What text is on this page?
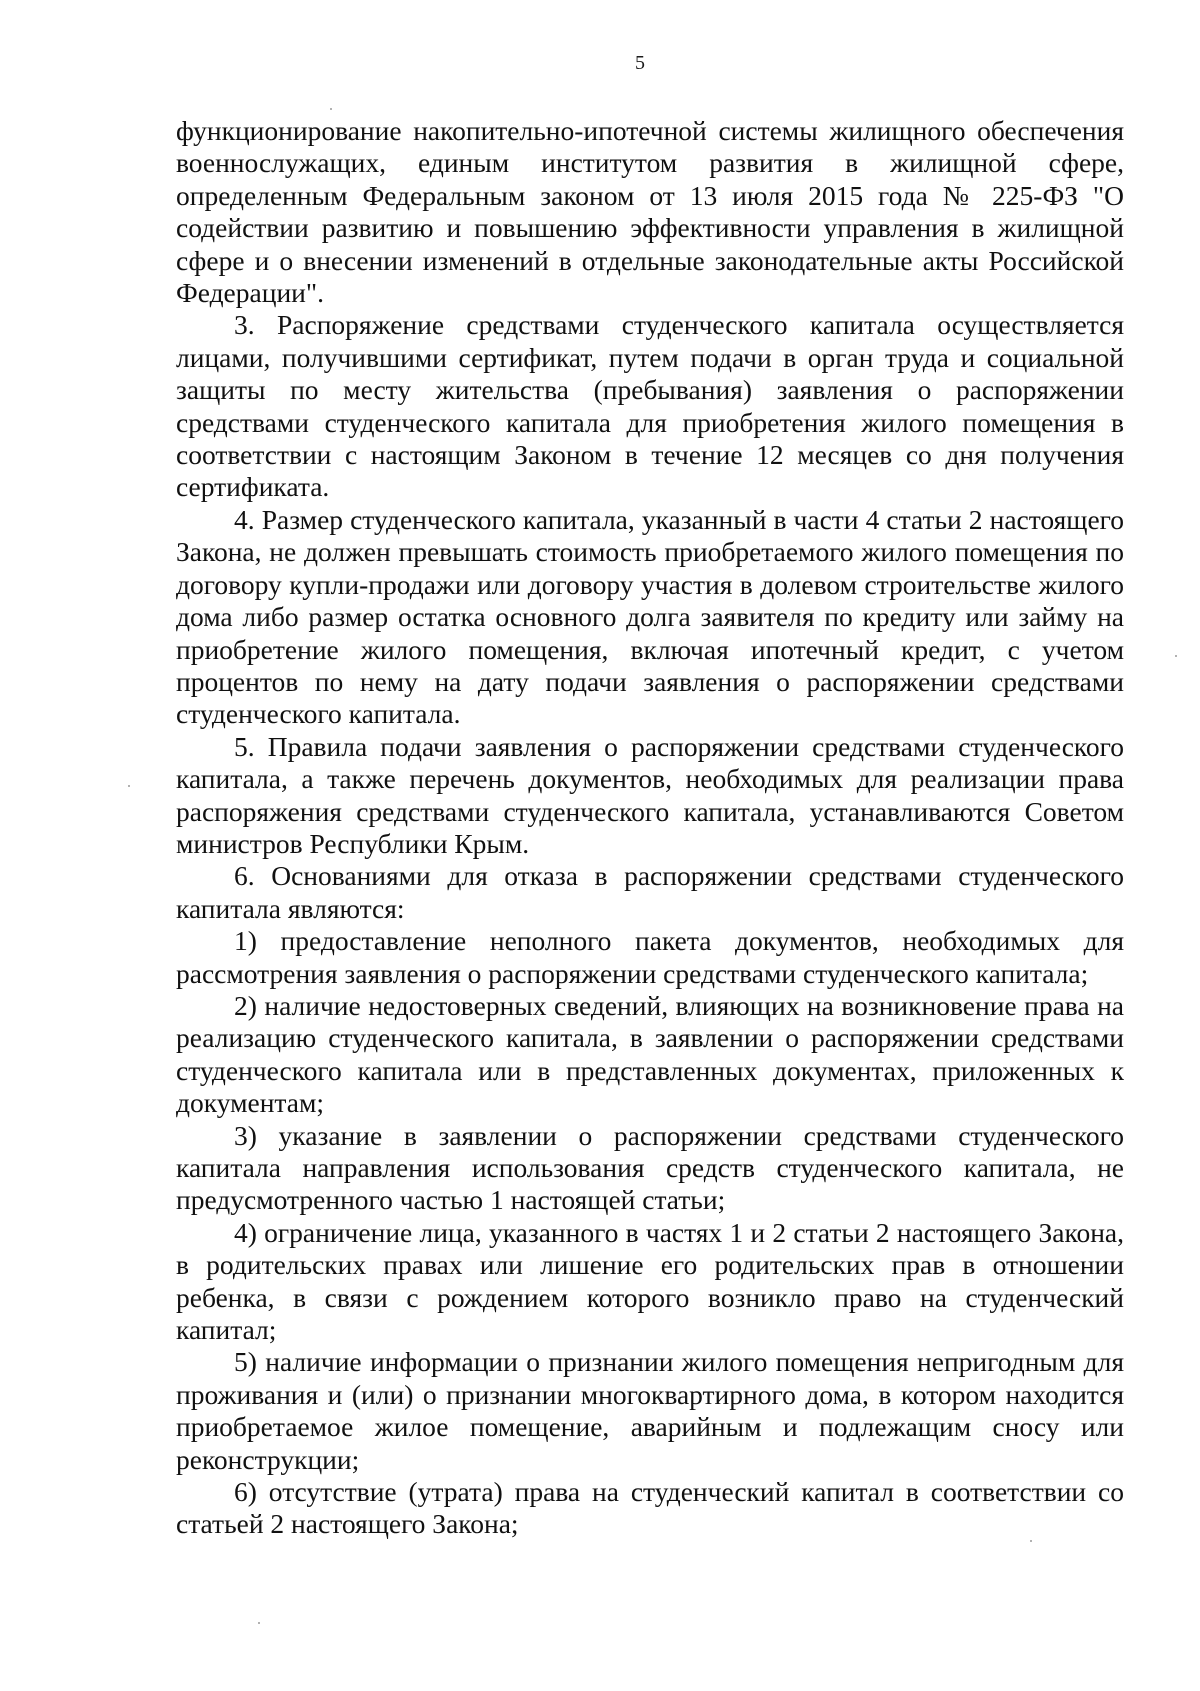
5

функционирование накопительно-ипотечной системы жилищного обеспечения военнослужащих, единым институтом развития в жилищной сфере, определенным Федеральным законом от 13 июля 2015 года № 225-ФЗ "О содействии развитию и повышению эффективности управления в жилищной сфере и о внесении изменений в отдельные законодательные акты Российской Федерации".

3. Распоряжение средствами студенческого капитала осуществляется лицами, получившими сертификат, путем подачи в орган труда и социальной защиты по месту жительства (пребывания) заявления о распоряжении средствами студенческого капитала для приобретения жилого помещения в соответствии с настоящим Законом в течение 12 месяцев со дня получения сертификата.

4. Размер студенческого капитала, указанный в части 4 статьи 2 настоящего Закона, не должен превышать стоимость приобретаемого жилого помещения по договору купли-продажи или договору участия в долевом строительстве жилого дома либо размер остатка основного долга заявителя по кредиту или займу на приобретение жилого помещения, включая ипотечный кредит, с учетом процентов по нему на дату подачи заявления о распоряжении средствами студенческого капитала.

5. Правила подачи заявления о распоряжении средствами студенческого капитала, а также перечень документов, необходимых для реализации права распоряжения средствами студенческого капитала, устанавливаются Советом министров Республики Крым.

6. Основаниями для отказа в распоряжении средствами студенческого капитала являются:

1) предоставление неполного пакета документов, необходимых для рассмотрения заявления о распоряжении средствами студенческого капитала;

2) наличие недостоверных сведений, влияющих на возникновение права на реализацию студенческого капитала, в заявлении о распоряжении средствами студенческого капитала или в представленных документах, приложенных к документам;

3) указание в заявлении о распоряжении средствами студенческого капитала направления использования средств студенческого капитала, не предусмотренного частью 1 настоящей статьи;

4) ограничение лица, указанного в частях 1 и 2 статьи 2 настоящего Закона, в родительских правах или лишение его родительских прав в отношении ребенка, в связи с рождением которого возникло право на студенческий капитал;

5) наличие информации о признании жилого помещения непригодным для проживания и (или) о признании многоквартирного дома, в котором находится приобретаемое жилое помещение, аварийным и подлежащим сносу или реконструкции;

6) отсутствие (утрата) права на студенческий капитал в соответствии со статьей 2 настоящего Закона;
